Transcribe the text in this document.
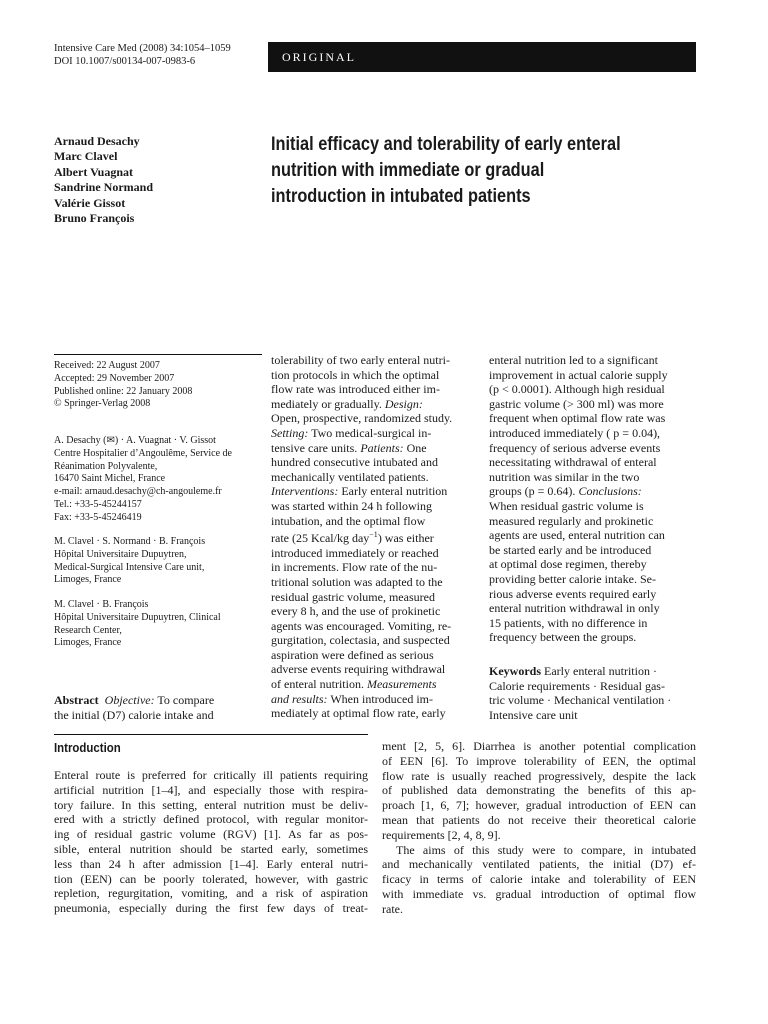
Intensive Care Med (2008) 34:1054–1059
DOI 10.1007/s00134-007-0983-6	ORIGINAL
Arnaud Desachy
Marc Clavel
Albert Vuagnat
Sandrine Normand
Valérie Gissot
Bruno François
Initial efficacy and tolerability of early enteral
nutrition with immediate or gradual
introduction in intubated patients
Received: 22 August 2007
Accepted: 29 November 2007
Published online: 22 January 2008
© Springer-Verlag 2008
A. Desachy (✉) · A. Vuagnat · V. Gissot
Centre Hospitalier d’Angoulême, Service de
Réanimation Polyvalente,
16470 Saint Michel, France
e-mail: arnaud.desachy@ch-angouleme.fr
Tel.: +33-5-45244157
Fax: +33-5-45246419
M. Clavel · S. Normand · B. François
Hôpital Universitaire Dupuytren,
Medical-Surgical Intensive Care unit,
Limoges, France
M. Clavel · B. François
Hôpital Universitaire Dupuytren, Clinical
Research Center,
Limoges, France
Abstract Objective: To compare
the initial (D7) calorie intake and
tolerability of two early enteral nutri-
tion protocols in which the optimal
flow rate was introduced either im-
mediately or gradually. Design:
Open, prospective, randomized study.
Setting: Two medical-surgical in-
tensive care units. Patients: One
hundred consecutive intubated and
mechanically ventilated patients.
Interventions: Early enteral nutrition
was started within 24 h following
intubation, and the optimal flow
rate (25 Kcal/kg day$^{-1}$) was either
introduced immediately or reached
in increments. Flow rate of the nu-
tritional solution was adapted to the
residual gastric volume, measured
every 8 h, and the use of prokinetic
agents was encouraged. Vomiting, re-
gurgitation, colectasia, and suspected
aspiration were defined as serious
adverse events requiring withdrawal
of enteral nutrition. Measurements
and results: When introduced im-
mediately at optimal flow rate, early
enteral nutrition led to a significant
improvement in actual calorie supply
(p < 0.0001). Although high residual
gastric volume (> 300 ml) was more
frequent when optimal flow rate was
introduced immediately ( p = 0.04),
frequency of serious adverse events
necessitating withdrawal of enteral
nutrition was similar in the two
groups (p = 0.64). Conclusions:
When residual gastric volume is
measured regularly and prokinetic
agents are used, enteral nutrition can
be started early and be introduced
at optimal dose regimen, thereby
providing better calorie intake. Se-
rious adverse events required early
enteral nutrition withdrawal in only
15 patients, with no difference in
frequency between the groups.
Keywords Early enteral nutrition ·
Calorie requirements · Residual gas-
tric volume · Mechanical ventilation ·
Intensive care unit
Introduction
Enteral route is preferred for critically ill patients requiring
artificial nutrition [1–4], and especially those with respira-
tory failure. In this setting, enteral nutrition must be deliv-
ered with a strictly defined protocol, with regular monitor-
ing of residual gastric volume (RGV) [1]. As far as pos-
sible, enteral nutrition should be started early, sometimes
less than 24 h after admission [1–4]. Early enteral nutri-
tion (EEN) can be poorly tolerated, however, with gastric
repletion, regurgitation, vomiting, and a risk of aspiration
pneumonia, especially during the first few days of treat-
ment [2, 5, 6]. Diarrhea is another potential complication
of EEN [6]. To improve tolerability of EEN, the optimal
flow rate is usually reached progressively, despite the lack
of published data demonstrating the benefits of this ap-
proach [1, 6, 7]; however, gradual introduction of EEN can
mean that patients do not receive their theoretical calorie
requirements [2, 4, 8, 9].
The aims of this study were to compare, in intubated
and mechanically ventilated patients, the initial (D7) ef-
ficacy in terms of calorie intake and tolerability of EEN
with immediate vs. gradual introduction of optimal flow
rate.
